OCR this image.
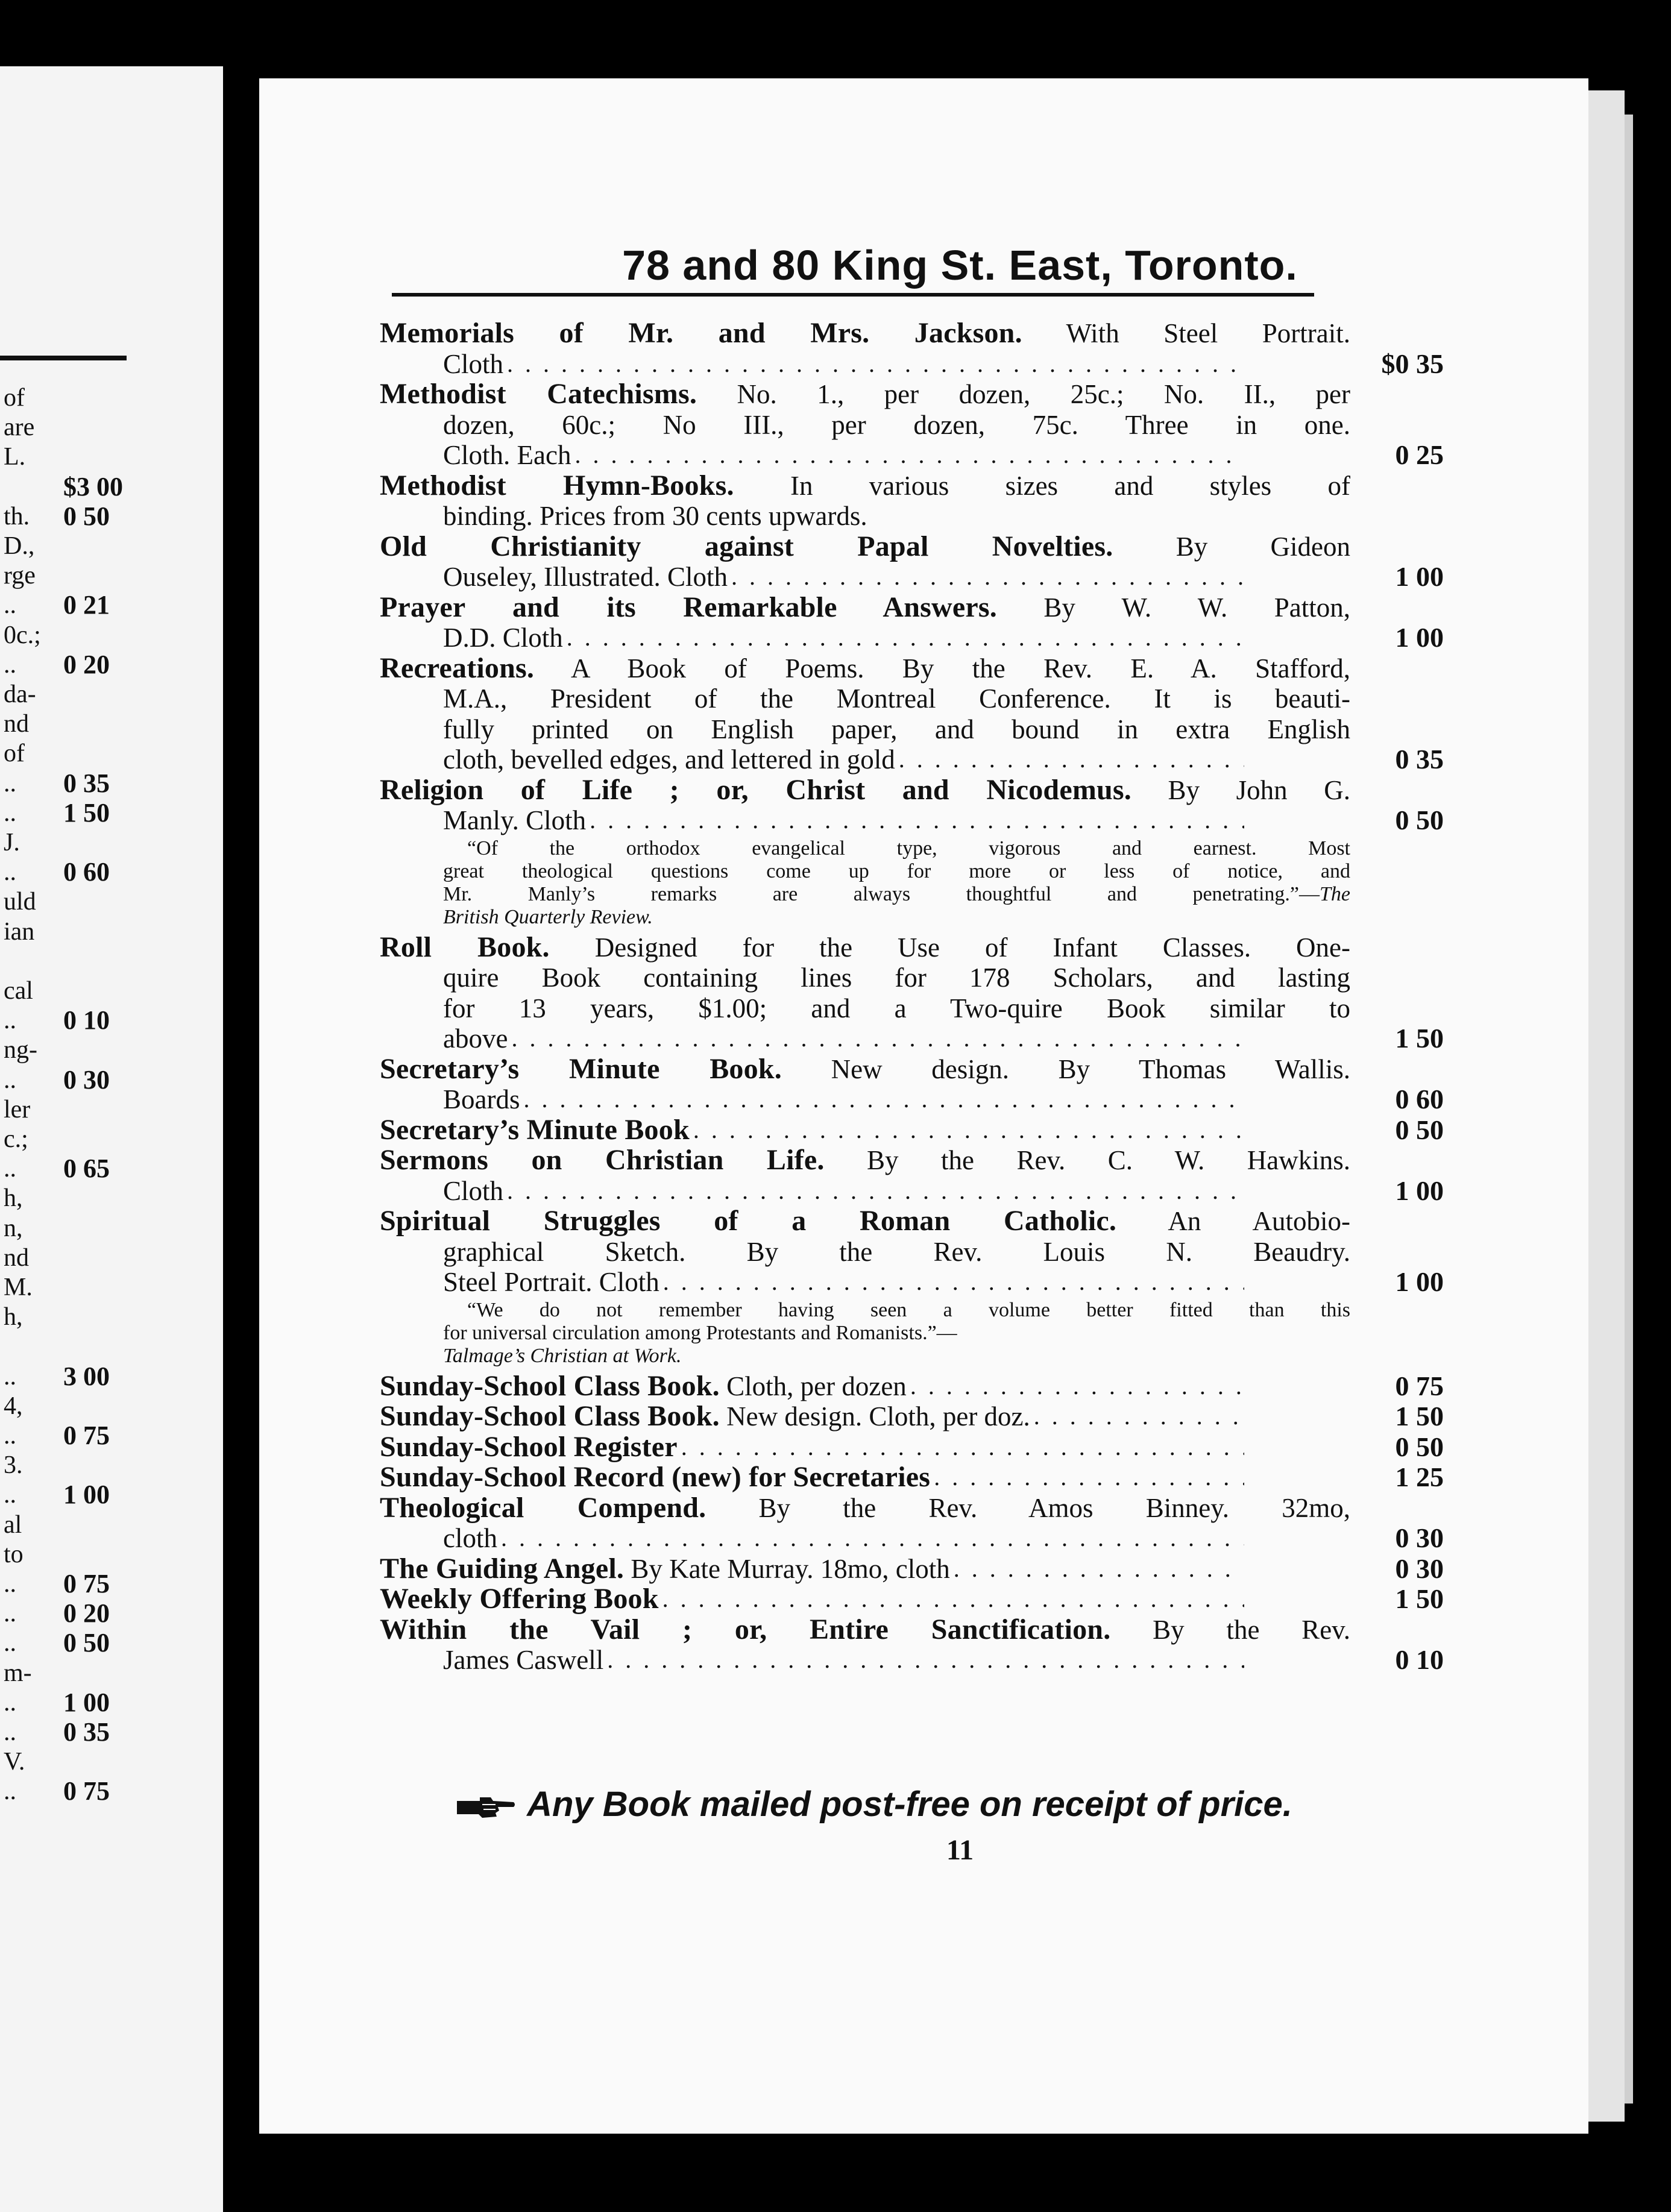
of
are
L.
$3 00
th. 0 50
D.,
rge
.. 0 21
0c.;
.. 0 20
da-
nd
of
.. 0 35
.. 1 50
J.
.. 0 60
uld
ian
cal
.. 0 10
ng-
.. 0 30
ler
c.;
.. 0 65
h,
n,
nd
M.
h,
.. 3 00
4,
.. 0 75
3.
.. 1 00
al
to
.. 0 75
.. 0 20
.. 0 50
m-
.. 1 00
.. 0 35
V.
.. 0 75
78 and 80 King St. East, Toronto.
Memorials of Mr. and Mrs. Jackson. With Steel Portrait.
Cloth . . .	$0 35
Methodist Catechisms. No. 1., per dozen, 25c.; No. II., per
dozen, 60c.; No III., per dozen, 75c. Three in one.
Cloth. Each . . .	0 25
Methodist Hymn-Books. In various sizes and styles of
binding. Prices from 30 cents upwards.
Old Christianity against Papal Novelties. By Gideon
Ouseley, Illustrated. Cloth . . .	1 00
Prayer and its Remarkable Answers. By W. W. Patton,
D.D. Cloth . . .	1 00
Recreations. A Book of Poems. By the Rev. E. A. Stafford,
M.A., President of the Montreal Conference. It is beauti-
fully printed on English paper, and bound in extra English
cloth, bevelled edges, and lettered in gold . . .	0 35
Religion of Life ; or, Christ and Nicodemus. By John G.
Manly. Cloth . . .	0 50
“Of the orthodox evangelical type, vigorous and earnest. Most
great theological questions come up for more or less of notice, and
Mr. Manly’s remarks are always thoughtful and penetrating.”—The
British Quarterly Review.
Roll Book. Designed for the Use of Infant Classes. One-
quire Book containing lines for 178 Scholars, and lasting
for 13 years, $1.00; and a Two-quire Book similar to
above . . .	1 50
Secretary’s Minute Book. New design. By Thomas Wallis.
Boards . . .	0 60
Secretary’s Minute Book . . .	0 50
Sermons on Christian Life. By the Rev. C. W. Hawkins.
Cloth . . .	1 00
Spiritual Struggles of a Roman Catholic. An Autobio-
graphical Sketch. By the Rev. Louis N. Beaudry.
Steel Portrait. Cloth . . .	1 00
“We do not remember having seen a volume better fitted than this
for universal circulation among Protestants and Romanists.”—
Talmage’s Christian at Work.
Sunday-School Class Book. Cloth, per dozen . . .	0 75
Sunday-School Class Book. New design. Cloth, per doz. . . .	1 50
Sunday-School Register . . .	0 50
Sunday-School Record (new) for Secretaries . . .	1 25
Theological Compend. By the Rev. Amos Binney. 32mo,
cloth . . .	0 30
The Guiding Angel. By Kate Murray. 18mo, cloth . . .	0 30
Weekly Offering Book . . .	1 50
Within the Vail ; or, Entire Sanctification. By the Rev.
James Caswell . . .	0 10
Any Book mailed post-free on receipt of price.
11
